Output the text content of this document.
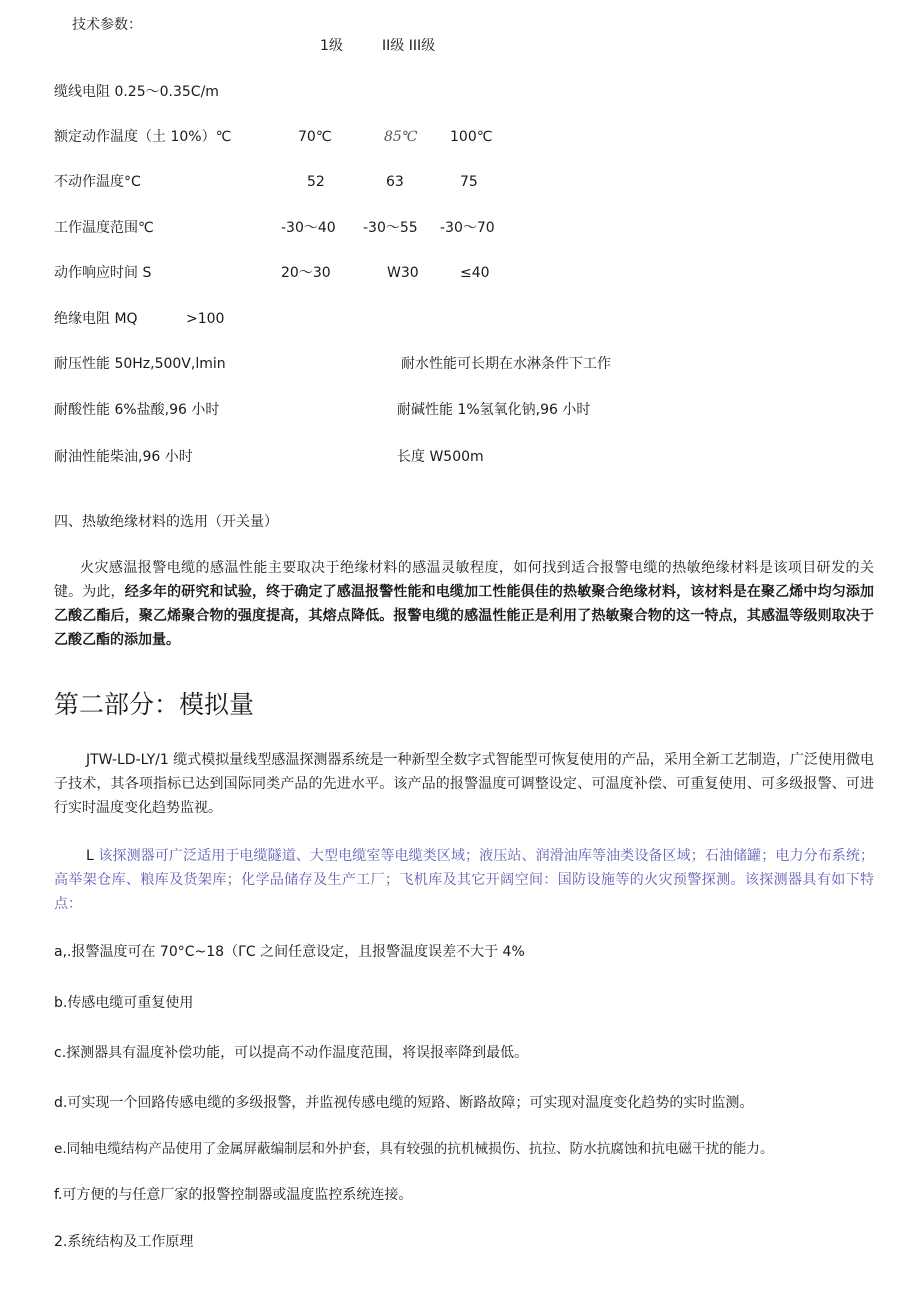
技术参数：
1级	II级 III级
缆线电阻 0.25～0.35C/m
额定动作温度（土 10%）℃	70℃	85℃ 100℃
不动作温度°C	52	63	75
工作温度范围℃	-30～40 -30～55 -30～70
动作响应时间 S	20～30	W30	≤40
绝缘电阻 MQ	>100
耐压性能 50Hz,500V,lmin	耐水性能可长期在水淋条件下工作
耐酸性能 6%盐酸,96 小时	耐碱性能 1%氢氧化钠,96 小时
耐油性能柴油,96 小时	长度 W500m
四、热敏绝缘材料的选用（开关量）
火灾感温报警电缆的感温性能主要取决于绝缘材料的感温灵敏程度，如何找到适合报警电缆的热敏绝缘材料是该项目研发的关键。为此，经多年的研究和试验，终于确定了感温报警性能和电缆加工性能俱佳的热敏聚合绝缘材料，该材料是在聚乙烯中均匀添加乙酸乙酯后，聚乙烯聚合物的强度提高，其熔点降低。报警电缆的感温性能正是利用了热敏聚合物的这一特点，其感温等级则取决于乙酸乙酯的添加量。
第二部分：模拟量
JTW-LD-LY/1 缆式模拟量线型感温探测器系统是一种新型全数字式智能型可恢复使用的产品，采用全新工艺制造，广泛使用微电子技术，其各项指标已达到国际同类产品的先进水平。该产品的报警温度可调整设定、可温度补偿、可重复使用、可多级报警、可进行实时温度变化趋势监视。
L 该探测器可广泛适用于电缆隧道、大型电缆室等电缆类区域；液压站、润滑油库等油类设备区域；石油储罐；电力分布系统；高举架仓库、粮库及货架库；化学品储存及生产工厂；飞机库及其它开阔空间：国防设施等的火灾预警探测。该探测器具有如下特点：
a,.报警温度可在 70°C~18（ΓC 之间任意设定，且报警温度误差不大于 4%
b.传感电缆可重复使用
c.探测器具有温度补偿功能，可以提高不动作温度范围，将误报率降到最低。
d.可实现一个回路传感电缆的多级报警，并监视传感电缆的短路、断路故障；可实现对温度变化趋势的实时监测。
e.同轴电缆结构产品使用了金属屏蔽编制层和外护套，具有较强的抗机械损伤、抗拉、防水抗腐蚀和抗电磁干扰的能力。
f.可方便的与任意厂家的报警控制器或温度监控系统连接。
2.系统结构及工作原理
